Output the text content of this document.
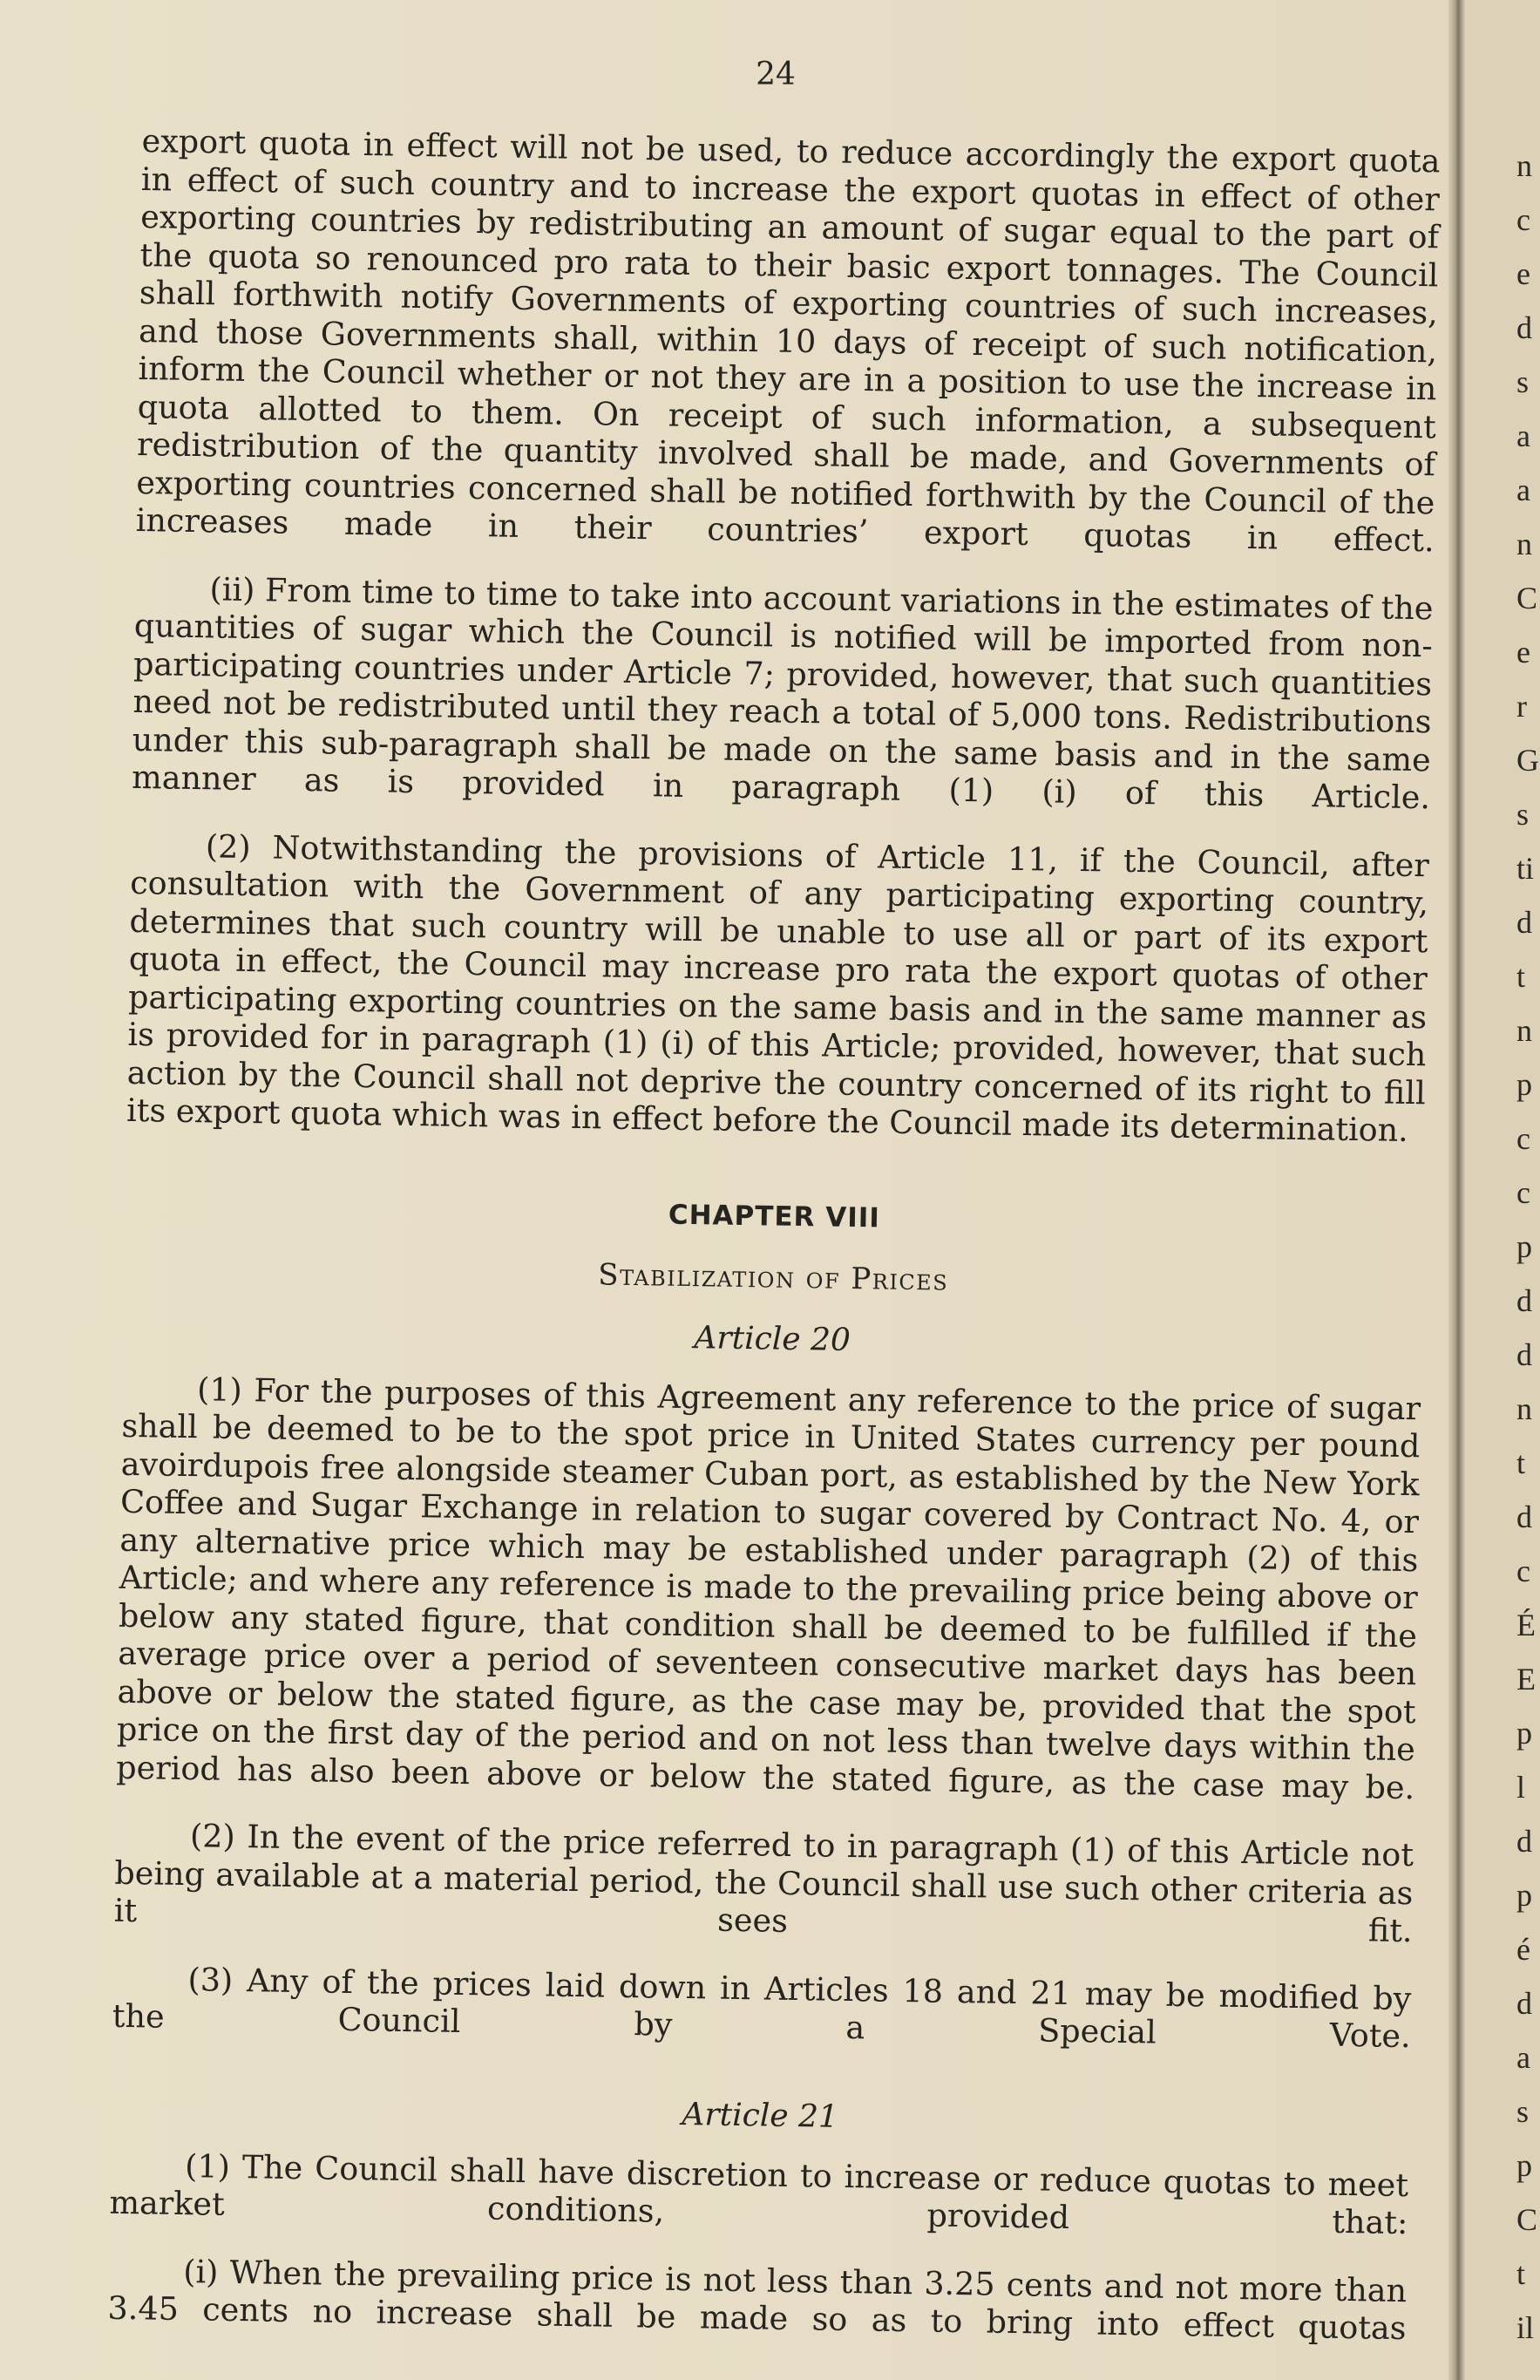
n
c
e
d
s
a
a
n
C
e
r
G
s
ti
d
t
n
p
c
c
p
d
d
n
t
d
c
É
E
p
l
d
p
é
d
a
s
p
C
t
il
24

export quota in effect will not be used, to reduce accordingly the export quota in effect of such country and to increase the export quotas in effect of other exporting countries by redistributing an amount of sugar equal to the part of the quota so renounced pro rata to their basic export tonnages. The Council shall forthwith notify Governments of exporting countries of such increases, and those Governments shall, within 10 days of receipt of such notification, inform the Council whether or not they are in a position to use the increase in quota allotted to them. On receipt of such information, a subsequent redistribution of the quantity involved shall be made, and Governments of exporting countries concerned shall be notified forthwith by the Council of the increases made in their countries’ export quotas in effect.

(ii) From time to time to take into account variations in the estimates of the quantities of sugar which the Council is notified will be imported from non-participating countries under Article 7; provided, however, that such quantities need not be redistributed until they reach a total of 5,000 tons. Redistributions under this sub-paragraph shall be made on the same basis and in the same manner as is provided in paragraph (1) (i) of this Article.

(2) Notwithstanding the provisions of Article 11, if the Council, after consultation with the Government of any participating exporting country, determines that such country will be unable to use all or part of its export quota in effect, the Council may increase pro rata the export quotas of other participating exporting countries on the same basis and in the same manner as is provided for in paragraph (1) (i) of this Article; provided, however, that such action by the Council shall not deprive the country concerned of its right to fill its export quota which was in effect before the Council made its determination.

CHAPTER VIII
Stabilization of Prices
Article 20

(1) For the purposes of this Agreement any reference to the price of sugar shall be deemed to be to the spot price in United States currency per pound avoirdupois free alongside steamer Cuban port, as established by the New York Coffee and Sugar Exchange in relation to sugar covered by Contract No. 4, or any alternative price which may be established under paragraph (2) of this Article; and where any reference is made to the prevailing price being above or below any stated figure, that condition shall be deemed to be fulfilled if the average price over a period of seventeen consecutive market days has been above or below the stated figure, as the case may be, provided that the spot price on the first day of the period and on not less than twelve days within the period has also been above or below the stated figure, as the case may be.

(2) In the event of the price referred to in paragraph (1) of this Article not being available at a material period, the Council shall use such other criteria as it sees fit.

(3) Any of the prices laid down in Articles 18 and 21 may be modified by the Council by a Special Vote.

Article 21

(1) The Council shall have discretion to increase or reduce quotas to meet market conditions, provided that:

(i) When the prevailing price is not less than 3.25 cents and not more than 3.45 cents no increase shall be made so as to bring into effect quotas
